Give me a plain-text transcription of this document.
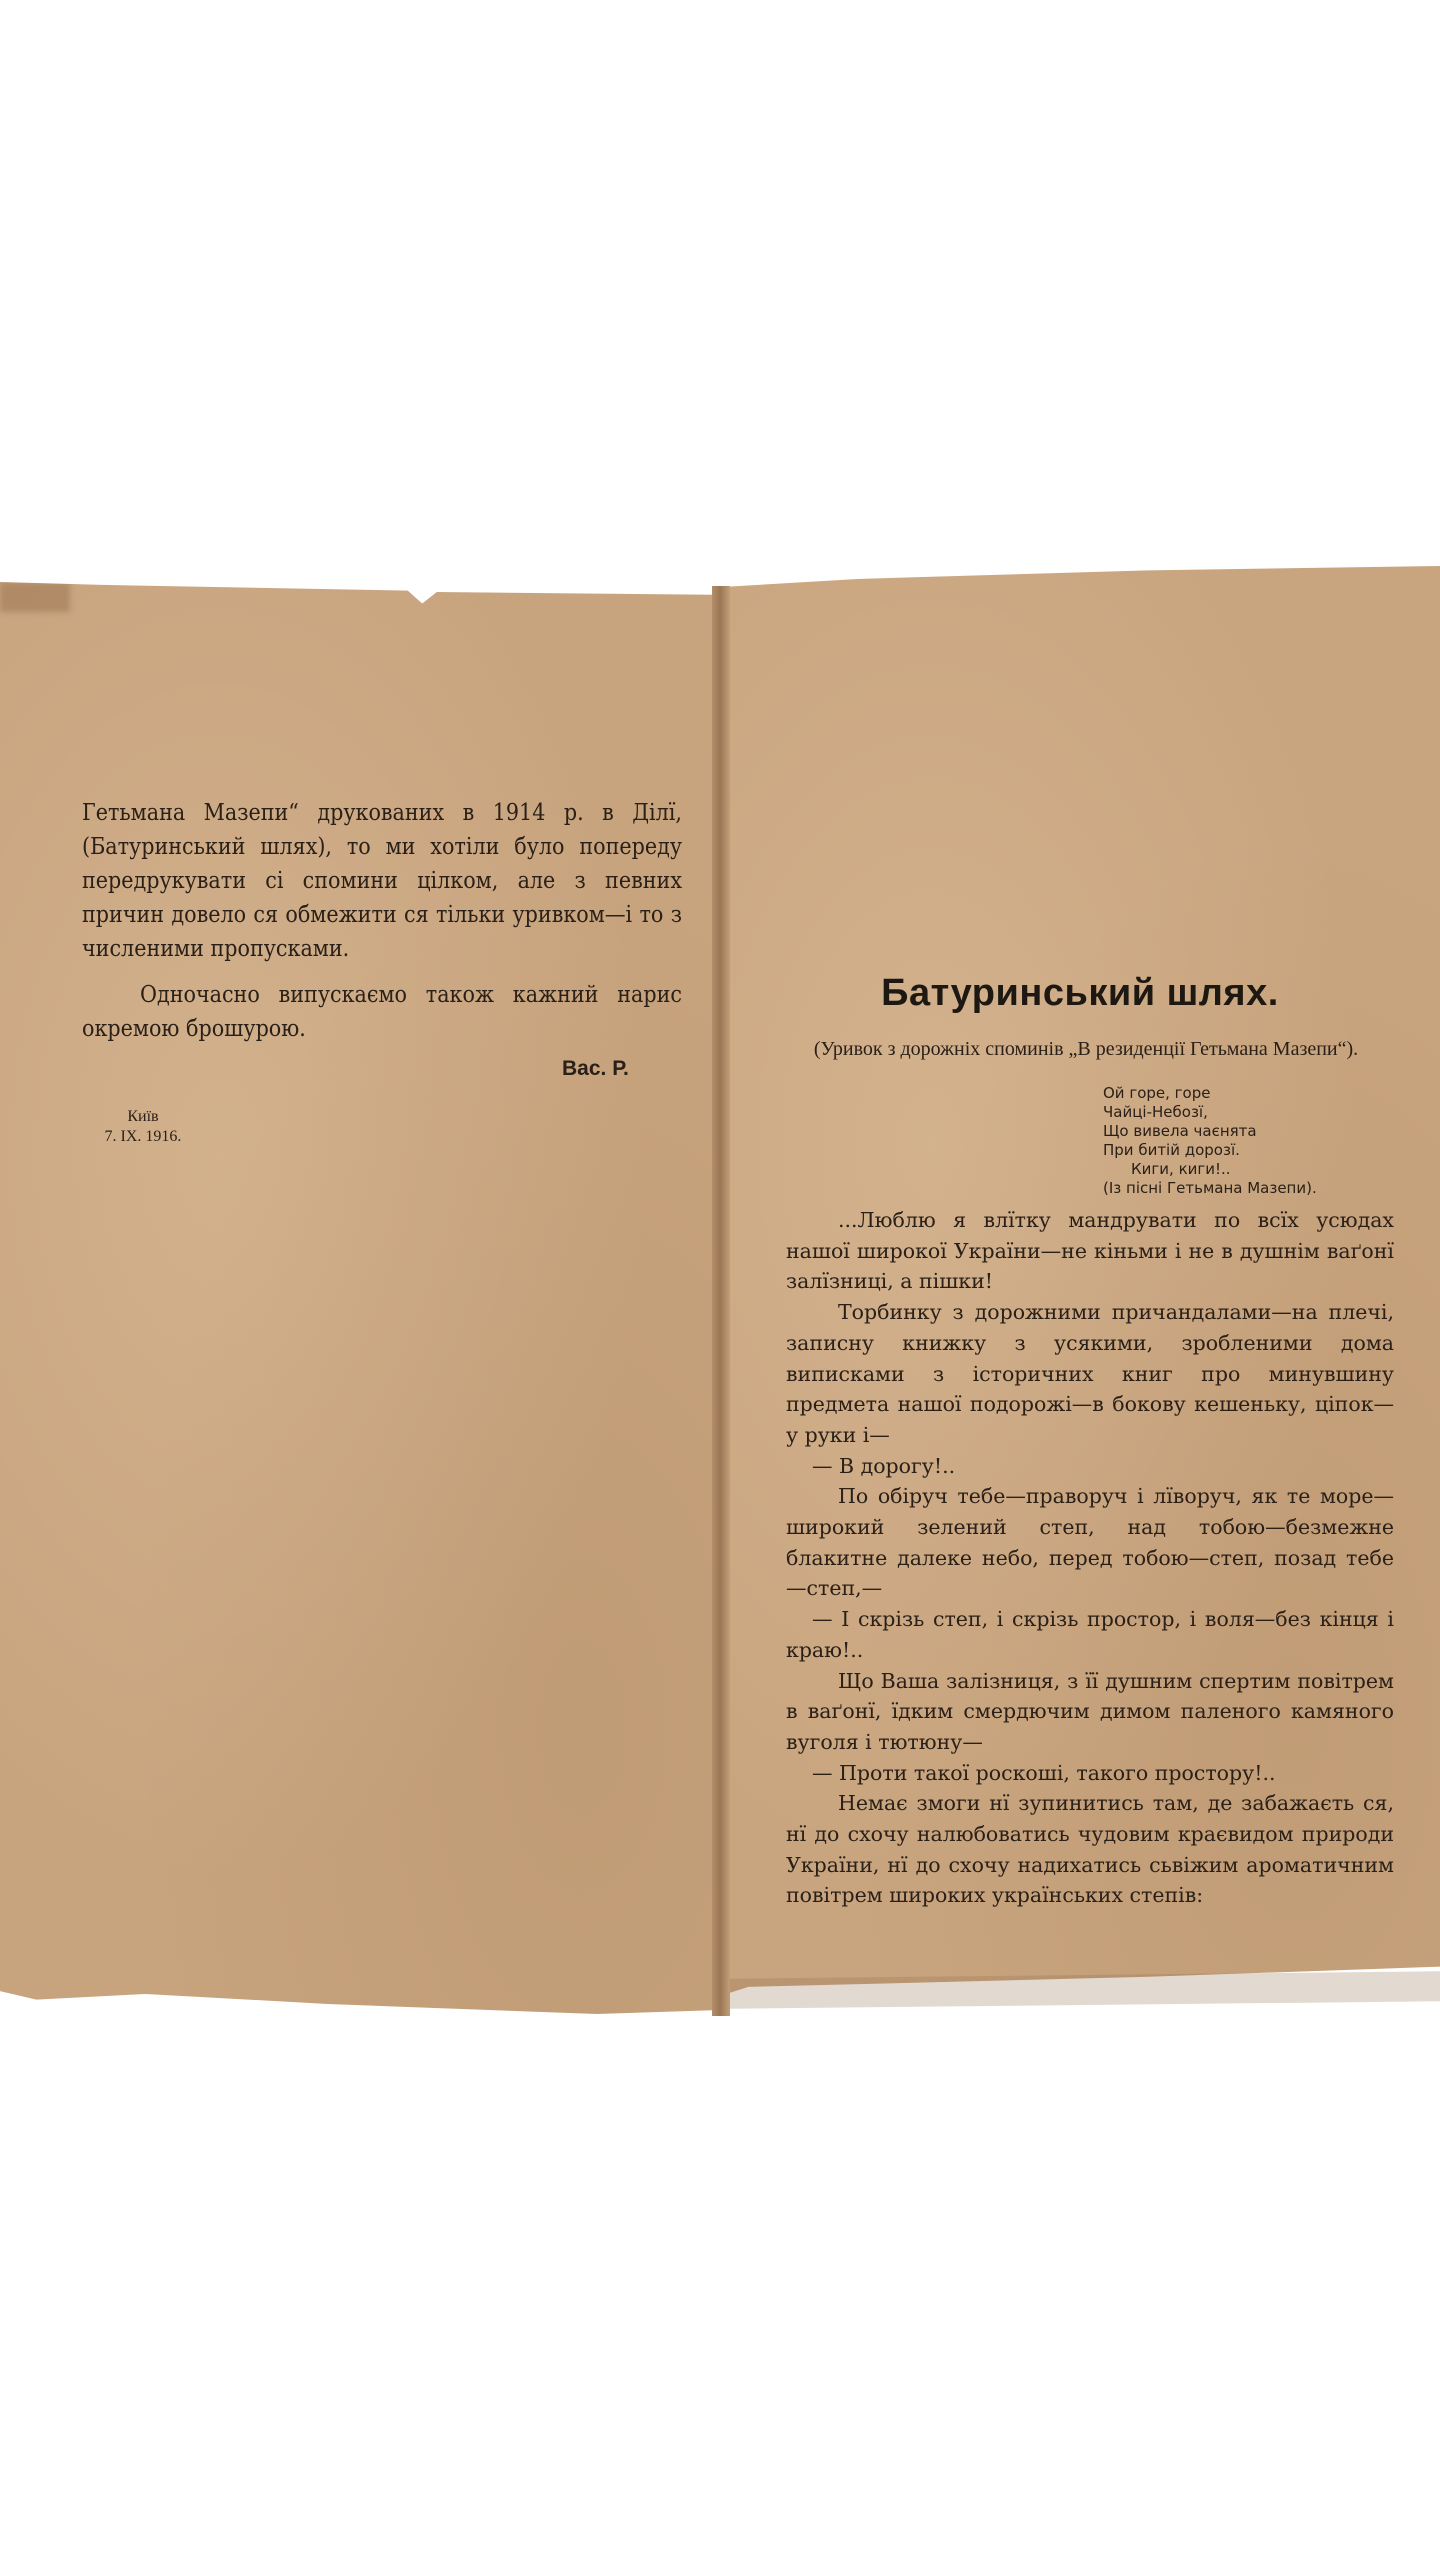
Гетьмана Мазепи“ друкованих в 1914 р. в Ділї, (Батуринський шлях), то ми хотіли було попереду передрукувати сі спомини цілком, але з певних причин довело ся обмежити ся тільки уривком—і то з численими пропусками.

Одночасно випускаємо також кажний нарис окремою брошурою.

Вас. Р.
Київ
7. IX. 1916.
Батуринський шлях.
(Уривок з дорожніх споминів „В резиденції Гетьмана Мазепи“).
Ой горе, горе
Чайці-Небозї,
Що вивела чаєнята
При битій дорозї.
Киги, киги!..
(Із пісні Гетьмана Мазепи).

...Люблю я влїтку мандрувати по всїх усюдах нашої широкої України—не кіньми і не в душнім ваґонї залїзниці, а пішки!

Торбинку з дорожними причандалами—на плечі, записну книжку з усякими, зробленими дома виписками з історичних книг про минувшину предмета нашої подорожі—в бокову кешеньку, ціпок—у руки і—

— В дорогу!..

По обіруч тебе—праворуч і лїворуч, як те море—широкий зелений степ, над тобою—безмежне блакитне далеке небо, перед тобою—степ, позад тебе—степ,—

— І скрізь степ, і скрізь простор, і воля—без кінця і краю!..

Що Ваша залізниця, з її душним спертим повітрем в ваґонї, їдким смердючим димом паленого камяного вуголя і тютюну—

— Проти такої роскоші, такого простору!..

Немає змоги нї зупинитись там, де забажаєть ся, нї до схочу налюбоватись чудовим краєвидом природи України, нї до схочу надихатись сьвіжим ароматичним повітрем широких українських степів:
